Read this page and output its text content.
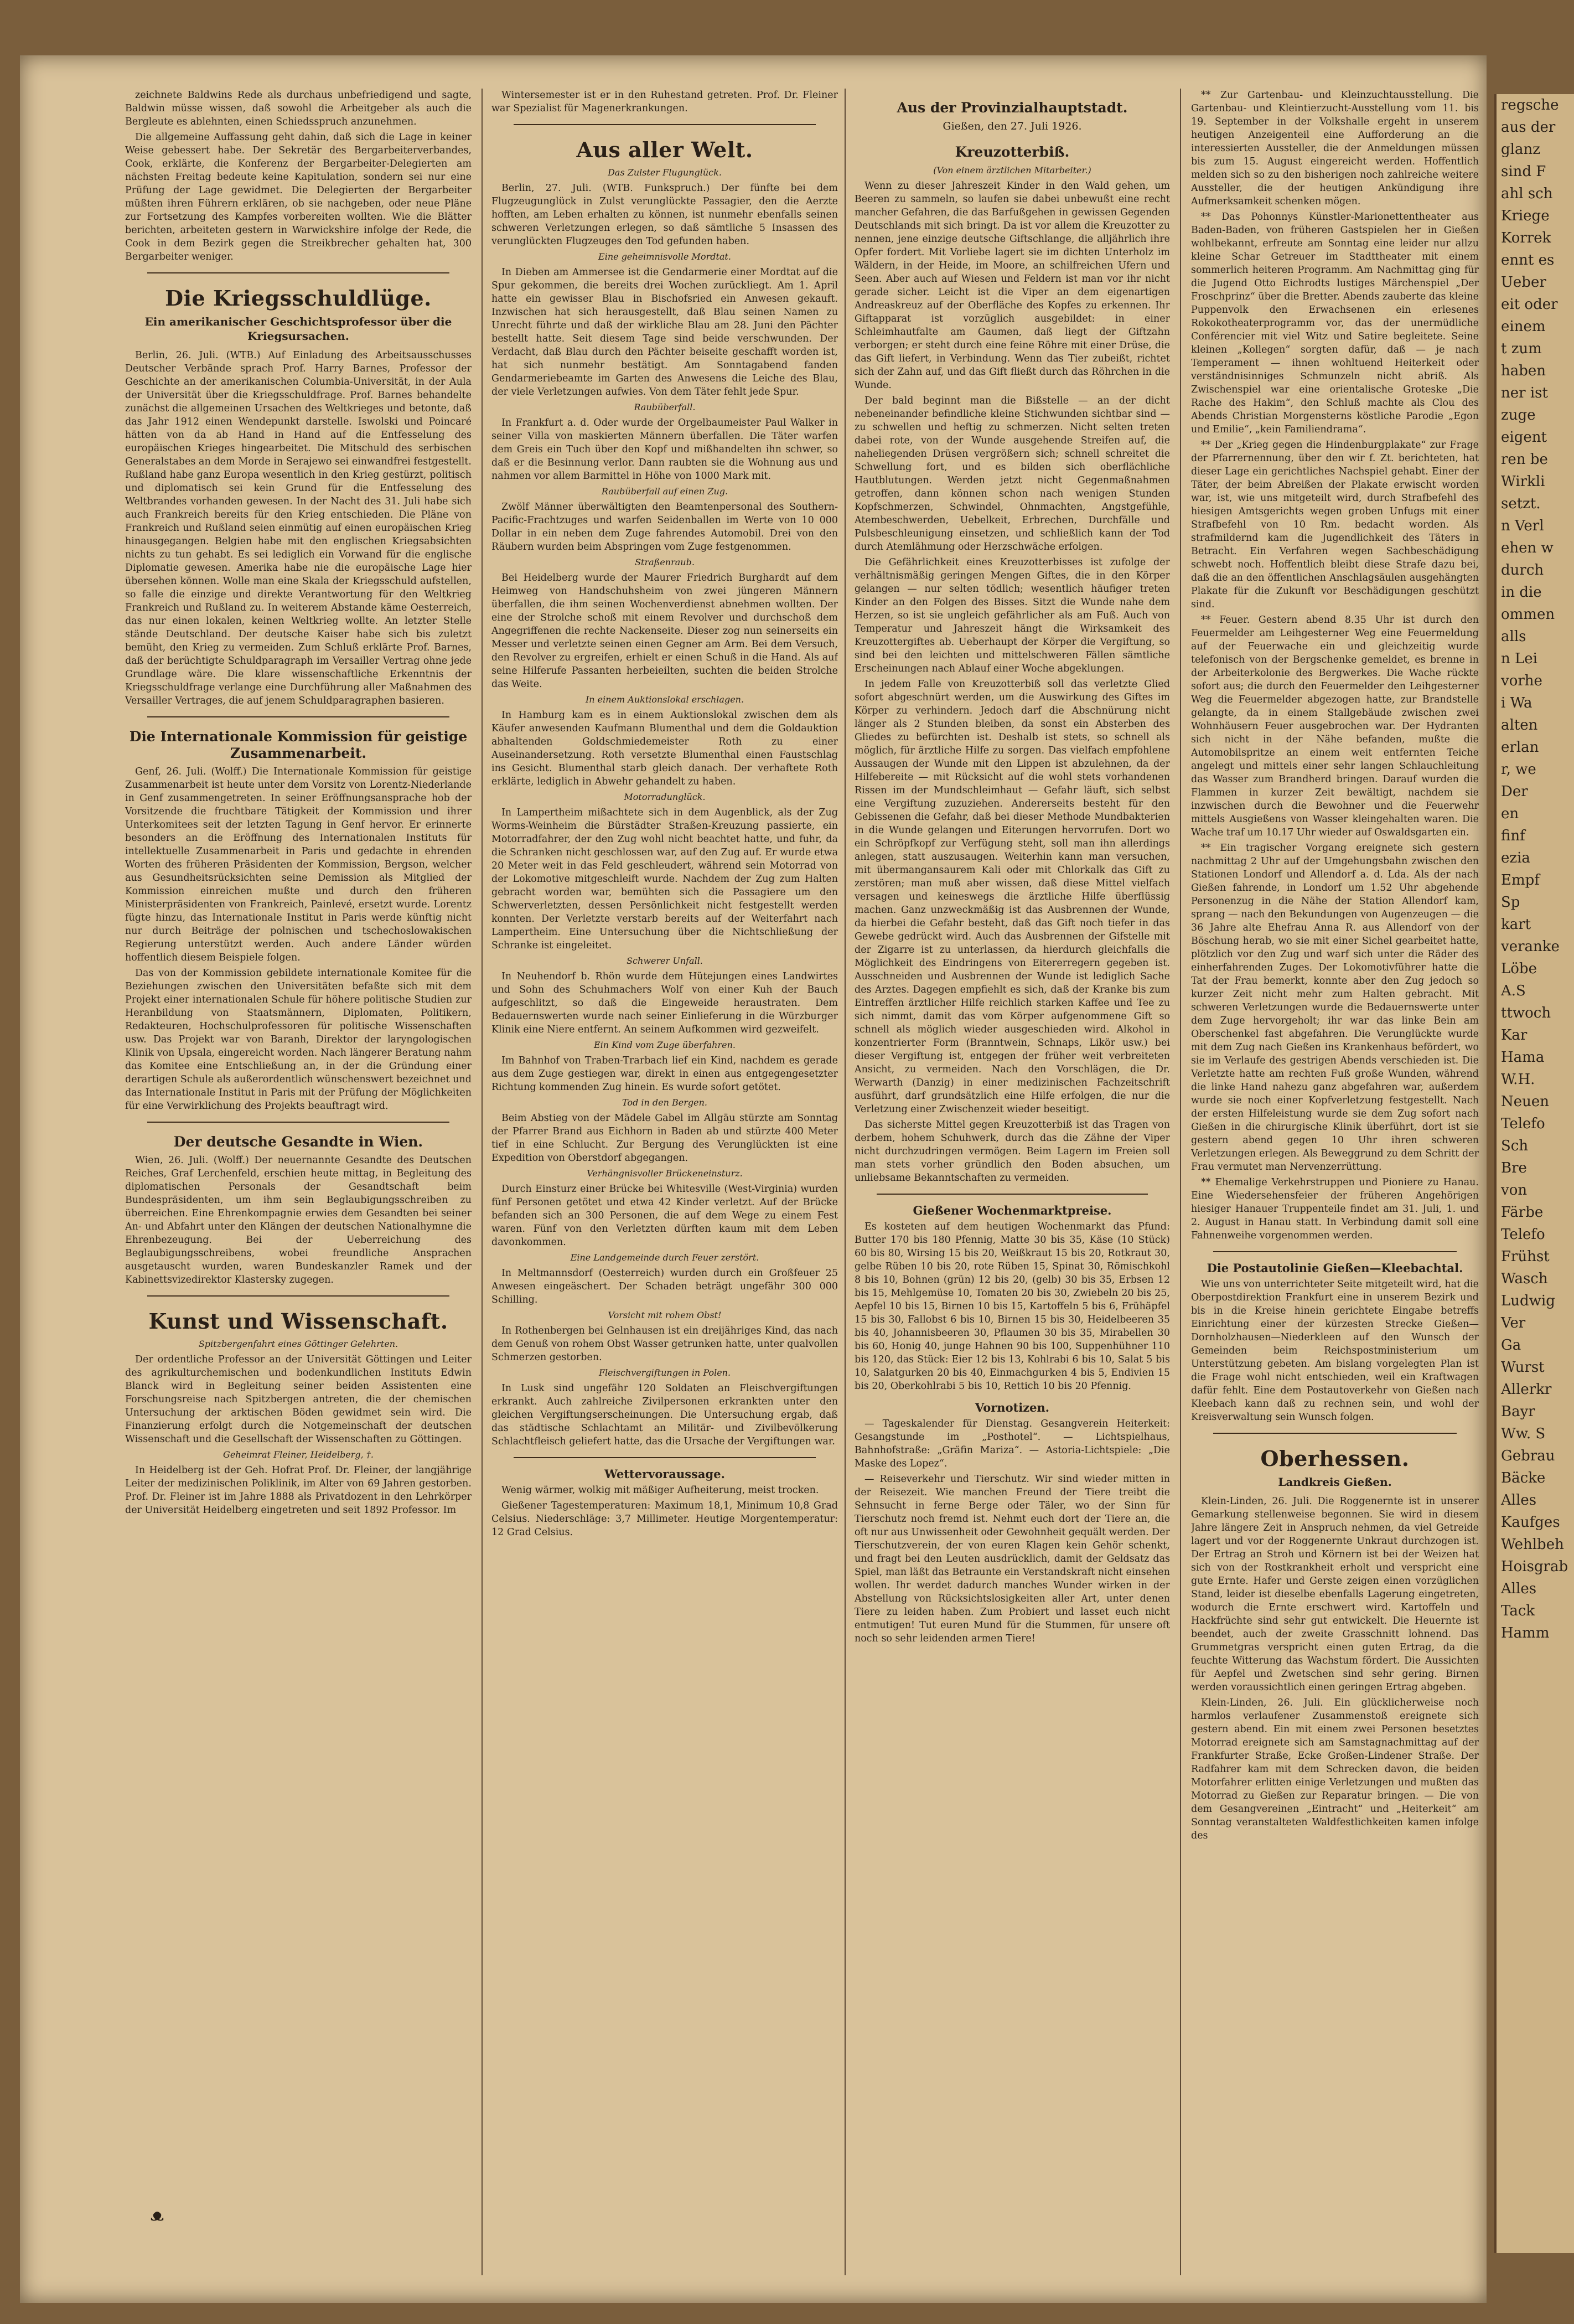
zeichnete Baldwins Rede als durchaus unbefriedigend und sagte, Baldwin müsse wissen, daß sowohl die Arbeitgeber als auch die Bergleute es ablehnten, einen Schiedsspruch anzunehmen.

Die allgemeine Auffassung geht dahin, daß sich die Lage in keiner Weise gebessert habe. Der Sekretär des Bergarbeiterverbandes, Cook, erklärte, die Konferenz der Bergarbeiter-Delegierten am nächsten Freitag bedeute keine Kapitulation, sondern sei nur eine Prüfung der Lage gewidmet. Die Delegierten der Bergarbeiter müßten ihren Führern erklären, ob sie nachgeben, oder neue Pläne zur Fortsetzung des Kampfes vorbereiten wollten. Wie die Blätter berichten, arbeiteten gestern in Warwickshire infolge der Rede, die Cook in dem Bezirk gegen die Streikbrecher gehalten hat, 300 Bergarbeiter weniger.

Die Kriegsschuldlüge.

Ein amerikanischer Geschichtsprofessor über die Kriegsursachen.

Berlin, 26. Juli. (WTB.) Auf Einladung des Arbeitsausschusses Deutscher Verbände sprach Prof. Harry Barnes, Professor der Geschichte an der amerikanischen Columbia-Universität, in der Aula der Universität über die Kriegsschuldfrage. Prof. Barnes behandelte zunächst die allgemeinen Ursachen des Weltkrieges und betonte, daß das Jahr 1912 einen Wendepunkt darstelle. Iswolski und Poincaré hätten von da ab Hand in Hand auf die Entfesselung des europäischen Krieges hingearbeitet. Die Mitschuld des serbischen Generalstabes an dem Morde in Serajewo sei einwandfrei festgestellt. Rußland habe ganz Europa wesentlich in den Krieg gestürzt, politisch und diplomatisch sei kein Grund für die Entfesselung des Weltbrandes vorhanden gewesen. In der Nacht des 31. Juli habe sich auch Frankreich bereits für den Krieg entschieden. Die Pläne von Frankreich und Rußland seien einmütig auf einen europäischen Krieg hinausgegangen. Belgien habe mit den englischen Kriegsabsichten nichts zu tun gehabt. Es sei lediglich ein Vorwand für die englische Diplomatie gewesen. Amerika habe nie die europäische Lage hier übersehen können. Wolle man eine Skala der Kriegsschuld aufstellen, so falle die einzige und direkte Verantwortung für den Weltkrieg Frankreich und Rußland zu. In weiterem Abstande käme Oesterreich, das nur einen lokalen, keinen Weltkrieg wollte. An letzter Stelle stände Deutschland. Der deutsche Kaiser habe sich bis zuletzt bemüht, den Krieg zu vermeiden. Zum Schluß erklärte Prof. Barnes, daß der berüchtigte Schuldparagraph im Versailler Vertrag ohne jede Grundlage wäre. Die klare wissenschaftliche Erkenntnis der Kriegsschuldfrage verlange eine Durchführung aller Maßnahmen des Versailler Vertrages, die auf jenem Schuldparagraphen basieren.

Die Internationale Kommission für geistige Zusammenarbeit.

Genf, 26. Juli. (Wolff.) Die Internationale Kommission für geistige Zusammenarbeit ist heute unter dem Vorsitz von Lorentz-Niederlande in Genf zusammengetreten. In seiner Eröffnungsansprache hob der Vorsitzende die fruchtbare Tätigkeit der Kommission und ihrer Unterkomitees seit der letzten Tagung in Genf hervor. Er erinnerte besonders an die Eröffnung des Internationalen Instituts für intellektuelle Zusammenarbeit in Paris und gedachte in ehrenden Worten des früheren Präsidenten der Kommission, Bergson, welcher aus Gesundheitsrücksichten seine Demission als Mitglied der Kommission einreichen mußte und durch den früheren Ministerpräsidenten von Frankreich, Painlevé, ersetzt wurde. Lorentz fügte hinzu, das Internationale Institut in Paris werde künftig nicht nur durch Beiträge der polnischen und tschechoslowakischen Regierung unterstützt werden. Auch andere Länder würden hoffentlich diesem Beispiele folgen.

Das von der Kommission gebildete internationale Komitee für die Beziehungen zwischen den Universitäten befaßte sich mit dem Projekt einer internationalen Schule für höhere politische Studien zur Heranbildung von Staatsmännern, Diplomaten, Politikern, Redakteuren, Hochschulprofessoren für politische Wissenschaften usw. Das Projekt war von Baranh, Direktor der laryngologischen Klinik von Upsala, eingereicht worden. Nach längerer Beratung nahm das Komitee eine Entschließung an, in der die Gründung einer derartigen Schule als außerordentlich wünschenswert bezeichnet und das Internationale Institut in Paris mit der Prüfung der Möglichkeiten für eine Verwirklichung des Projekts beauftragt wird.

Der deutsche Gesandte in Wien.

Wien, 26. Juli. (Wolff.) Der neuernannte Gesandte des Deutschen Reiches, Graf Lerchenfeld, erschien heute mittag, in Begleitung des diplomatischen Personals der Gesandtschaft beim Bundespräsidenten, um ihm sein Beglaubigungsschreiben zu überreichen. Eine Ehrenkompagnie erwies dem Gesandten bei seiner An- und Abfahrt unter den Klängen der deutschen Nationalhymne die Ehrenbezeugung. Bei der Ueberreichung des Beglaubigungsschreibens, wobei freundliche Ansprachen ausgetauscht wurden, waren Bundeskanzler Ramek und der Kabinettsvizedirektor Klastersky zugegen.

Kunst und Wissenschaft.

Spitzbergenfahrt eines Göttinger Gelehrten.

Der ordentliche Professor an der Universität Göttingen und Leiter des agrikulturchemischen und bodenkundlichen Instituts Edwin Blanck wird in Begleitung seiner beiden Assistenten eine Forschungsreise nach Spitzbergen antreten, die der chemischen Untersuchung der arktischen Böden gewidmet sein wird. Die Finanzierung erfolgt durch die Notgemeinschaft der deutschen Wissenschaft und die Gesellschaft der Wissenschaften zu Göttingen.

Geheimrat Fleiner, Heidelberg, †.

In Heidelberg ist der Geh. Hofrat Prof. Dr. Fleiner, der langjährige Leiter der medizinischen Poliklinik, im Alter von 69 Jahren gestorben. Prof. Dr. Fleiner ist im Jahre 1888 als Privatdozent in den Lehrkörper der Universität Heidelberg eingetreten und seit 1892 Professor. Im

Wintersemester ist er in den Ruhestand getreten. Prof. Dr. Fleiner war Spezialist für Magenerkrankungen.

Aus aller Welt.

Das Zulster Flugunglück.

Berlin, 27. Juli. (WTB. Funkspruch.) Der fünfte bei dem Flugzeugunglück in Zulst verunglückte Passagier, den die Aerzte hofften, am Leben erhalten zu können, ist nunmehr ebenfalls seinen schweren Verletzungen erlegen, so daß sämtliche 5 Insassen des verunglückten Flugzeuges den Tod gefunden haben.

Eine geheimnisvolle Mordtat.

In Dieben am Ammersee ist die Gendarmerie einer Mordtat auf die Spur gekommen, die bereits drei Wochen zurückliegt. Am 1. April hatte ein gewisser Blau in Bischofsried ein Anwesen gekauft. Inzwischen hat sich herausgestellt, daß Blau seinen Namen zu Unrecht führte und daß der wirkliche Blau am 28. Juni den Pächter bestellt hatte. Seit diesem Tage sind beide verschwunden. Der Verdacht, daß Blau durch den Pächter beiseite geschafft worden ist, hat sich nunmehr bestätigt. Am Sonntagabend fanden Gendarmeriebeamte im Garten des Anwesens die Leiche des Blau, der viele Verletzungen aufwies. Von dem Täter fehlt jede Spur.

Raubüberfall.

In Frankfurt a. d. Oder wurde der Orgelbaumeister Paul Walker in seiner Villa von maskierten Männern überfallen. Die Täter warfen dem Greis ein Tuch über den Kopf und mißhandelten ihn schwer, so daß er die Besinnung verlor. Dann raubten sie die Wohnung aus und nahmen vor allem Barmittel in Höhe von 1000 Mark mit.

Raubüberfall auf einen Zug.

Zwölf Männer überwältigten den Beamtenpersonal des Southern-Pacific-Frachtzuges und warfen Seidenballen im Werte von 10 000 Dollar in ein neben dem Zuge fahrendes Automobil. Drei von den Räubern wurden beim Abspringen vom Zuge festgenommen.

Straßenraub.

Bei Heidelberg wurde der Maurer Friedrich Burghardt auf dem Heimweg von Handschuhsheim von zwei jüngeren Männern überfallen, die ihm seinen Wochenverdienst abnehmen wollten. Der eine der Strolche schoß mit einem Revolver und durchschoß dem Angegriffenen die rechte Nackenseite. Dieser zog nun seinerseits ein Messer und verletzte seinen einen Gegner am Arm. Bei dem Versuch, den Revolver zu ergreifen, erhielt er einen Schuß in die Hand. Als auf seine Hilferufe Passanten herbeieilten, suchten die beiden Strolche das Weite.

In einem Auktionslokal erschlagen.

In Hamburg kam es in einem Auktionslokal zwischen dem als Käufer anwesenden Kaufmann Blumenthal und dem die Goldauktion abhaltenden Goldschmiedemeister Roth zu einer Auseinandersetzung. Roth versetzte Blumenthal einen Faustschlag ins Gesicht. Blumenthal starb gleich danach. Der verhaftete Roth erklärte, lediglich in Abwehr gehandelt zu haben.

Motorradunglück.

In Lampertheim mißachtete sich in dem Augenblick, als der Zug Worms-Weinheim die Bürstädter Straßen-Kreuzung passierte, ein Motorradfahrer, der den Zug wohl nicht beachtet hatte, und fuhr, da die Schranken nicht geschlossen war, auf den Zug auf. Er wurde etwa 20 Meter weit in das Feld geschleudert, während sein Motorrad von der Lokomotive mitgeschleift wurde. Nachdem der Zug zum Halten gebracht worden war, bemühten sich die Passagiere um den Schwerverletzten, dessen Persönlichkeit nicht festgestellt werden konnten. Der Verletzte verstarb bereits auf der Weiterfahrt nach Lampertheim. Eine Untersuchung über die Nichtschließung der Schranke ist eingeleitet.

Schwerer Unfall.

In Neuhendorf b. Rhön wurde dem Hütejungen eines Landwirtes und Sohn des Schuhmachers Wolf von einer Kuh der Bauch aufgeschlitzt, so daß die Eingeweide heraustraten. Dem Bedauernswerten wurde nach seiner Einlieferung in die Würzburger Klinik eine Niere entfernt. An seinem Aufkommen wird gezweifelt.

Ein Kind vom Zuge überfahren.

Im Bahnhof von Traben-Trarbach lief ein Kind, nachdem es gerade aus dem Zuge gestiegen war, direkt in einen aus entgegengesetzter Richtung kommenden Zug hinein. Es wurde sofort getötet.

Tod in den Bergen.

Beim Abstieg von der Mädele Gabel im Allgäu stürzte am Sonntag der Pfarrer Brand aus Eichhorn in Baden ab und stürzte 400 Meter tief in eine Schlucht. Zur Bergung des Verunglückten ist eine Expedition von Oberstdorf abgegangen.

Verhängnisvoller Brückeneinsturz.

Durch Einsturz einer Brücke bei Whitesville (West-Virginia) wurden fünf Personen getötet und etwa 42 Kinder verletzt. Auf der Brücke befanden sich an 300 Personen, die auf dem Wege zu einem Fest waren. Fünf von den Verletzten dürften kaum mit dem Leben davonkommen.

Eine Landgemeinde durch Feuer zerstört.

In Meltmannsdorf (Oesterreich) wurden durch ein Großfeuer 25 Anwesen eingeäschert. Der Schaden beträgt ungefähr 300 000 Schilling.

Vorsicht mit rohem Obst!

In Rothenbergen bei Gelnhausen ist ein dreijähriges Kind, das nach dem Genuß von rohem Obst Wasser getrunken hatte, unter qualvollen Schmerzen gestorben.

Fleischvergiftungen in Polen.

In Lusk sind ungefähr 120 Soldaten an Fleischvergiftungen erkrankt. Auch zahlreiche Zivilpersonen erkrankten unter den gleichen Vergiftungserscheinungen. Die Untersuchung ergab, daß das städtische Schlachtamt an Militär- und Zivilbevölkerung Schlachtfleisch geliefert hatte, das die Ursache der Vergiftungen war.

Wettervoraussage.

Wenig wärmer, wolkig mit mäßiger Aufheiterung, meist trocken.

Gießener Tagestemperaturen: Maximum 18,1, Minimum 10,8 Grad Celsius. Niederschläge: 3,7 Millimeter. Heutige Morgentemperatur: 12 Grad Celsius.

Aus der Provinzialhauptstadt.

Gießen, den 27. Juli 1926.

Kreuzotterbiß.

(Von einem ärztlichen Mitarbeiter.)

Wenn zu dieser Jahreszeit Kinder in den Wald gehen, um Beeren zu sammeln, so laufen sie dabei unbewußt eine recht mancher Gefahren, die das Barfußgehen in gewissen Gegenden Deutschlands mit sich bringt. Da ist vor allem die Kreuzotter zu nennen, jene einzige deutsche Giftschlange, die alljährlich ihre Opfer fordert. Mit Vorliebe lagert sie im dichten Unterholz im Wäldern, in der Heide, im Moore, an schilfreichen Ufern und Seen. Aber auch auf Wiesen und Feldern ist man vor ihr nicht gerade sicher. Leicht ist die Viper an dem eigenartigen Andreaskreuz auf der Oberfläche des Kopfes zu erkennen. Ihr Giftapparat ist vorzüglich ausgebildet: in einer Schleimhautfalte am Gaumen, daß liegt der Giftzahn verborgen; er steht durch eine feine Röhre mit einer Drüse, die das Gift liefert, in Verbindung. Wenn das Tier zubeißt, richtet sich der Zahn auf, und das Gift fließt durch das Röhrchen in die Wunde.

Der bald beginnt man die Bißstelle — an der dicht nebeneinander befindliche kleine Stichwunden sichtbar sind — zu schwellen und heftig zu schmerzen. Nicht selten treten dabei rote, von der Wunde ausgehende Streifen auf, die naheliegenden Drüsen vergrößern sich; schnell schreitet die Schwellung fort, und es bilden sich oberflächliche Hautblutungen. Werden jetzt nicht Gegenmaßnahmen getroffen, dann können schon nach wenigen Stunden Kopfschmerzen, Schwindel, Ohnmachten, Angstgefühle, Atembeschwerden, Uebelkeit, Erbrechen, Durchfälle und Pulsbeschleunigung einsetzen, und schließlich kann der Tod durch Atemlähmung oder Herzschwäche erfolgen.

Die Gefährlichkeit eines Kreuzotterbisses ist zufolge der verhältnismäßig geringen Mengen Giftes, die in den Körper gelangen — nur selten tödlich; wesentlich häufiger treten Kinder an den Folgen des Bisses. Sitzt die Wunde nahe dem Herzen, so ist sie ungleich gefährlicher als am Fuß. Auch von Temperatur und Jahreszeit hängt die Wirksamkeit des Kreuzottergiftes ab. Ueberhaupt der Körper die Vergiftung, so sind bei den leichten und mittelschweren Fällen sämtliche Erscheinungen nach Ablauf einer Woche abgeklungen.

In jedem Falle von Kreuzotterbiß soll das verletzte Glied sofort abgeschnürt werden, um die Auswirkung des Giftes im Körper zu verhindern. Jedoch darf die Abschnürung nicht länger als 2 Stunden bleiben, da sonst ein Absterben des Gliedes zu befürchten ist. Deshalb ist stets, so schnell als möglich, für ärztliche Hilfe zu sorgen. Das vielfach empfohlene Aussaugen der Wunde mit den Lippen ist abzulehnen, da der Hilfebereite — mit Rücksicht auf die wohl stets vorhandenen Rissen im der Mundschleimhaut — Gefahr läuft, sich selbst eine Vergiftung zuzuziehen. Andererseits besteht für den Gebissenen die Gefahr, daß bei dieser Methode Mundbakterien in die Wunde gelangen und Eiterungen hervorrufen. Dort wo ein Schröpfkopf zur Verfügung steht, soll man ihn allerdings anlegen, statt auszusaugen. Weiterhin kann man versuchen, mit übermangansaurem Kali oder mit Chlorkalk das Gift zu zerstören; man muß aber wissen, daß diese Mittel vielfach versagen und keineswegs die ärztliche Hilfe überflüssig machen. Ganz unzweckmäßig ist das Ausbrennen der Wunde, da hierbei die Gefahr besteht, daß das Gift noch tiefer in das Gewebe gedrückt wird. Auch das Ausbrennen der Gifstelle mit der Zigarre ist zu unterlassen, da hierdurch gleichfalls die Möglichkeit des Eindringens von Eitererregern gegeben ist. Ausschneiden und Ausbrennen der Wunde ist lediglich Sache des Arztes. Dagegen empfiehlt es sich, daß der Kranke bis zum Eintreffen ärztlicher Hilfe reichlich starken Kaffee und Tee zu sich nimmt, damit das vom Körper aufgenommene Gift so schnell als möglich wieder ausgeschieden wird. Alkohol in konzentrierter Form (Branntwein, Schnaps, Likör usw.) bei dieser Vergiftung ist, entgegen der früher weit verbreiteten Ansicht, zu vermeiden. Nach den Vorschlägen, die Dr. Werwarth (Danzig) in einer medizinischen Fachzeitschrift ausführt, darf grundsätzlich eine Hilfe erfolgen, die nur die Verletzung einer Zwischenzeit wieder beseitigt.

Das sicherste Mittel gegen Kreuzotterbiß ist das Tragen von derbem, hohem Schuhwerk, durch das die Zähne der Viper nicht durchzudringen vermögen. Beim Lagern im Freien soll man stets vorher gründlich den Boden absuchen, um unliebsame Bekanntschaften zu vermeiden.

Gießener Wochenmarktpreise.

Es kosteten auf dem heutigen Wochenmarkt das Pfund: Butter 170 bis 180 Pfennig, Matte 30 bis 35, Käse (10 Stück) 60 bis 80, Wirsing 15 bis 20, Weißkraut 15 bis 20, Rotkraut 30, gelbe Rüben 10 bis 20, rote Rüben 15, Spinat 30, Römischkohl 8 bis 10, Bohnen (grün) 12 bis 20, (gelb) 30 bis 35, Erbsen 12 bis 15, Mehlgemüse 10, Tomaten 20 bis 30, Zwiebeln 20 bis 25, Aepfel 10 bis 15, Birnen 10 bis 15, Kartoffeln 5 bis 6, Frühäpfel 15 bis 30, Fallobst 6 bis 10, Birnen 15 bis 30, Heidelbeeren 35 bis 40, Johannisbeeren 30, Pflaumen 30 bis 35, Mirabellen 30 bis 60, Honig 40, junge Hahnen 90 bis 100, Suppenhühner 110 bis 120, das Stück: Eier 12 bis 13, Kohlrabi 6 bis 10, Salat 5 bis 10, Salatgurken 20 bis 40, Einmachgurken 4 bis 5, Endivien 15 bis 20, Oberkohlrabi 5 bis 10, Rettich 10 bis 20 Pfennig.

Vornotizen.

— Tageskalender für Dienstag. Gesangverein Heiterkeit: Gesangstunde im „Posthotel“. — Lichtspielhaus, Bahnhofstraße: „Gräfin Mariza“. — Astoria-Lichtspiele: „Die Maske des Lopez“.

— Reiseverkehr und Tierschutz. Wir sind wieder mitten in der Reisezeit. Wie manchen Freund der Tiere treibt die Sehnsucht in ferne Berge oder Täler, wo der Sinn für Tierschutz noch fremd ist. Nehmt euch dort der Tiere an, die oft nur aus Unwissenheit oder Gewohnheit gequält werden. Der Tierschutzverein, der von euren Klagen kein Gehör schenkt, und fragt bei den Leuten ausdrücklich, damit der Geldsatz das Spiel, man läßt das Betraunte ein Verstandskraft nicht einsehen wollen. Ihr werdet dadurch manches Wunder wirken in der Abstellung von Rücksichtslosigkeiten aller Art, unter denen Tiere zu leiden haben. Zum Probiert und lasset euch nicht entmutigen! Tut euren Mund für die Stummen, für unsere oft noch so sehr leidenden armen Tiere!

** Zur Gartenbau- und Kleinzuchtausstellung. Die Gartenbau- und Kleintierzucht-Ausstellung vom 11. bis 19. September in der Volkshalle ergeht in unserem heutigen Anzeigenteil eine Aufforderung an die interessierten Aussteller, die der Anmeldungen müssen bis zum 15. August eingereicht werden. Hoffentlich melden sich so zu den bisherigen noch zahlreiche weitere Aussteller, die der heutigen Ankündigung ihre Aufmerksamkeit schenken mögen.

** Das Pohonnys Künstler-Marionettentheater aus Baden-Baden, von früheren Gastspielen her in Gießen wohlbekannt, erfreute am Sonntag eine leider nur allzu kleine Schar Getreuer im Stadttheater mit einem sommerlich heiteren Programm. Am Nachmittag ging für die Jugend Otto Eichrodts lustiges Märchenspiel „Der Froschprinz“ über die Bretter. Abends zauberte das kleine Puppenvolk den Erwachsenen ein erlesenes Rokokotheaterprogramm vor, das der unermüdliche Conférencier mit viel Witz und Satire begleitete. Seine kleinen „Kollegen“ sorgten dafür, daß — je nach Temperament — ihnen wohltuend Heiterkeit oder verständnisinniges Schmunzeln nicht abriß. Als Zwischenspiel war eine orientalische Groteske „Die Rache des Hakim“, den Schluß machte als Clou des Abends Christian Morgensterns köstliche Parodie „Egon und Emilie“, „kein Familiendrama“.

** Der „Krieg gegen die Hindenburgplakate“ zur Frage der Pfarrernennung, über den wir f. Zt. berichteten, hat dieser Lage ein gerichtliches Nachspiel gehabt. Einer der Täter, der beim Abreißen der Plakate erwischt worden war, ist, wie uns mitgeteilt wird, durch Strafbefehl des hiesigen Amtsgerichts wegen groben Unfugs mit einer Strafbefehl von 10 Rm. bedacht worden. Als strafmildernd kam die Jugendlichkeit des Täters in Betracht. Ein Verfahren wegen Sachbeschädigung schwebt noch. Hoffentlich bleibt diese Strafe dazu bei, daß die an den öffentlichen Anschlagsäulen ausgehängten Plakate für die Zukunft vor Beschädigungen geschützt sind.

** Feuer. Gestern abend 8.35 Uhr ist durch den Feuermelder am Leihgesterner Weg eine Feuermeldung auf der Feuerwache ein und gleichzeitig wurde telefonisch von der Bergschenke gemeldet, es brenne in der Arbeiterkolonie des Bergwerkes. Die Wache rückte sofort aus; die durch den Feuermelder den Leihgesterner Weg die Feuermelder abgezogen hatte, zur Brandstelle gelangte, da in einem Stallgebäude zwischen zwei Wohnhäusern Feuer ausgebrochen war. Der Hydranten sich nicht in der Nähe befanden, mußte die Automobilspritze an einem weit entfernten Teiche angelegt und mittels einer sehr langen Schlauchleitung das Wasser zum Brandherd bringen. Darauf wurden die Flammen in kurzer Zeit bewältigt, nachdem sie inzwischen durch die Bewohner und die Feuerwehr mittels Ausgießens von Wasser kleingehalten waren. Die Wache traf um 10.17 Uhr wieder auf Oswaldsgarten ein.

** Ein tragischer Vorgang ereignete sich gestern nachmittag 2 Uhr auf der Umgehungsbahn zwischen den Stationen Londorf und Allendorf a. d. Lda. Als der nach Gießen fahrende, in Londorf um 1.52 Uhr abgehende Personenzug in die Nähe der Station Allendorf kam, sprang — nach den Bekundungen von Augenzeugen — die 36 Jahre alte Ehefrau Anna R. aus Allendorf von der Böschung herab, wo sie mit einer Sichel gearbeitet hatte, plötzlich vor den Zug und warf sich unter die Räder des einherfahrenden Zuges. Der Lokomotivführer hatte die Tat der Frau bemerkt, konnte aber den Zug jedoch so kurzer Zeit nicht mehr zum Halten gebracht. Mit schweren Verletzungen wurde die Bedauernswerte unter dem Zuge hervorgeholt; ihr war das linke Bein am Oberschenkel fast abgefahren. Die Verunglückte wurde mit dem Zug nach Gießen ins Krankenhaus befördert, wo sie im Verlaufe des gestrigen Abends verschieden ist. Die Verletzte hatte am rechten Fuß große Wunden, während die linke Hand nahezu ganz abgefahren war, außerdem wurde sie noch einer Kopfverletzung festgestellt. Nach der ersten Hilfeleistung wurde sie dem Zug sofort nach Gießen in die chirurgische Klinik überführt, dort ist sie gestern abend gegen 10 Uhr ihren schweren Verletzungen erlegen. Als Beweggrund zu dem Schritt der Frau vermutet man Nervenzerrüttung.

** Ehemalige Verkehrstruppen und Pioniere zu Hanau. Eine Wiedersehensfeier der früheren Angehörigen hiesiger Hanauer Truppenteile findet am 31. Juli, 1. und 2. August in Hanau statt. In Verbindung damit soll eine Fahnenweihe vorgenommen werden.

Die Postautolinie Gießen—Kleebachtal.

Wie uns von unterrichteter Seite mitgeteilt wird, hat die Oberpostdirektion Frankfurt eine in unserem Bezirk und bis in die Kreise hinein gerichtete Eingabe betreffs Einrichtung einer der kürzesten Strecke Gießen—Dornholzhausen—Niederkleen auf den Wunsch der Gemeinden beim Reichspostministerium um Unterstützung gebeten. Am bislang vorgelegten Plan ist die Frage wohl nicht entschieden, weil ein Kraftwagen dafür fehlt. Eine dem Postautoverkehr von Gießen nach Kleebach kann daß zu rechnen sein, und wohl der Kreisverwaltung sein Wunsch folgen.

Oberhessen.

Landkreis Gießen.

Klein-Linden, 26. Juli. Die Roggenernte ist in unserer Gemarkung stellenweise begonnen. Sie wird in diesem Jahre längere Zeit in Anspruch nehmen, da viel Getreide lagert und vor der Roggenernte Unkraut durchzogen ist. Der Ertrag an Stroh und Körnern ist bei der Weizen hat sich von der Rostkrankheit erholt und verspricht eine gute Ernte. Hafer und Gerste zeigen einen vorzüglichen Stand, leider ist dieselbe ebenfalls Lagerung eingetreten, wodurch die Ernte erschwert wird. Kartoffeln und Hackfrüchte sind sehr gut entwickelt. Die Heuernte ist beendet, auch der zweite Grasschnitt lohnend. Das Grummetgras verspricht einen guten Ertrag, da die feuchte Witterung das Wachstum fördert. Die Aussichten für Aepfel und Zwetschen sind sehr gering. Birnen werden voraussichtlich einen geringen Ertrag abgeben.

Klein-Linden, 26. Juli. Ein glücklicherweise noch harmlos verlaufener Zusammenstoß ereignete sich gestern abend. Ein mit einem zwei Personen besetztes Motorrad ereignete sich am Samstagnachmittag auf der Frankfurter Straße, Ecke Großen-Lindener Straße. Der Radfahrer kam mit dem Schrecken davon, die beiden Motorfahrer erlitten einige Verletzungen und mußten das Motorrad zu Gießen zur Reparatur bringen. — Die von dem Gesangvereinen „Eintracht“ und „Heiterkeit“ am Sonntag veranstalteten Waldfestlichkeiten kamen infolge des

ᴥ

regsche

aus der

glanz

sind F

ahl sch

Kriege

Korrek

ennt es

Ueber

eit oder

einem

t zum

haben

ner ist

zuge

eigent

ren be

Wirkli

setzt.

n Verl

ehen w

durch

in die

ommen

alls

n Lei

vorhe

i Wa

alten

erlan

r, we

Der

en

finf

ezia

Empf

Sp

kart

veranke

Löbe

A.S

ttwoch

Kar

Hama

W.H.

Neuen

Telefo

Sch

Bre

von

Färbe

Telefo

Frühst

Wasch

Ludwig

Ver

Ga

Wurst

Allerkr

Bayr

Ww. S

Gebrau

Bäcke

Alles

Kaufges

Wehlbeh

Hoisgrab

Alles

Tack

Hamm
